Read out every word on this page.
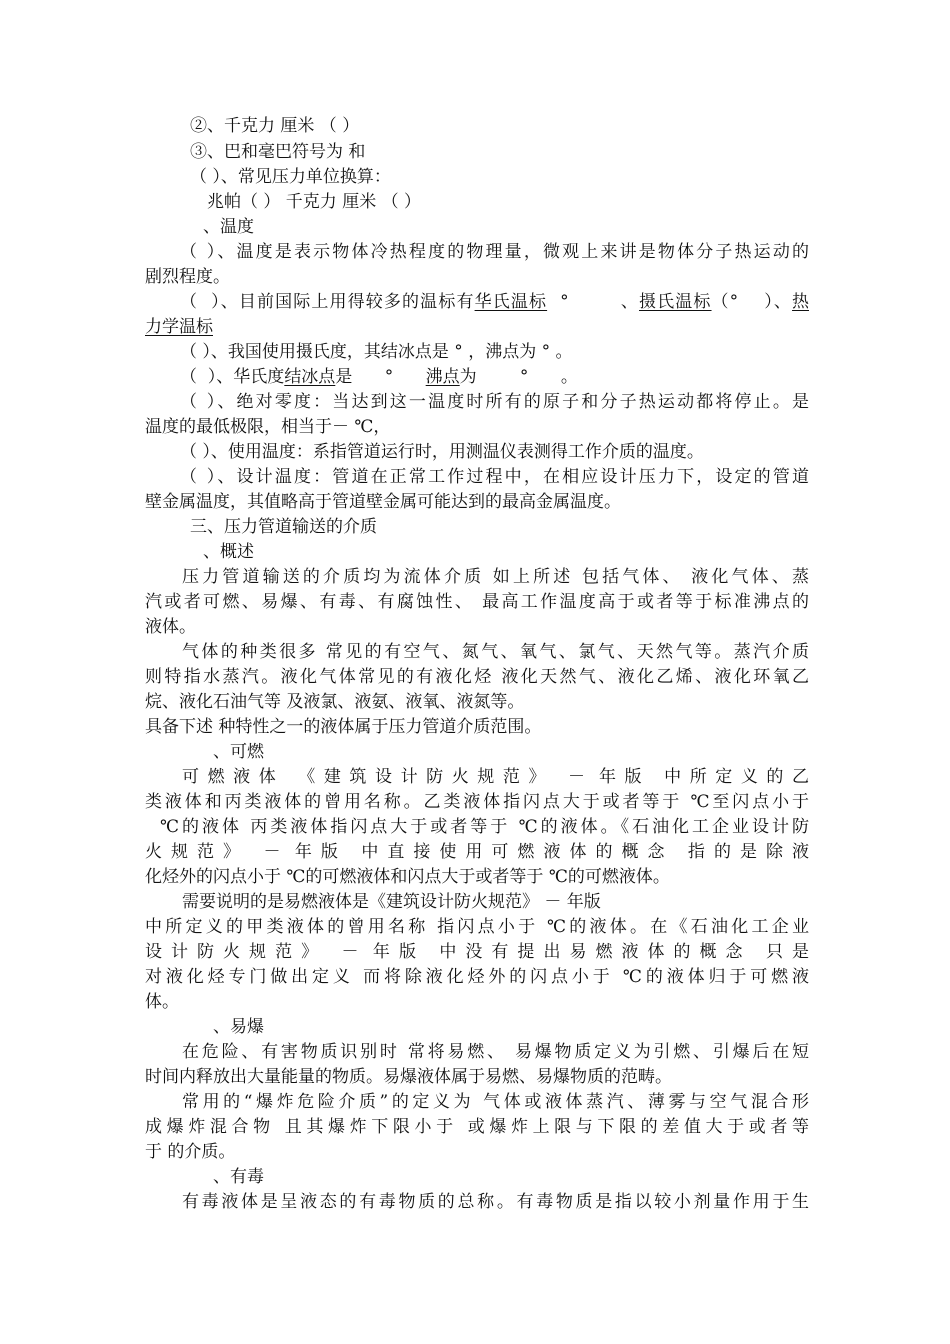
②、千克力 厘米 （ ）
③、巴和毫巴符号为 和
（ ）、常见压力单位换算：
兆帕（ ） 千克力 厘米 （ ）
、温度
（ ）、温度是表示物体冷热程度的物理量，微观上来讲是物体分子热运动的
剧烈程度。
（  ）、目前国际上用得较多的温标有华氏温标  °        、摄氏温标（°    ）、热
力学温标
（ ）、我国使用摄氏度，其结冰点是 ° ，沸点为 ° 。
（  ）、华氏度结冰点是      °      沸点为        °      。
（ ）、绝对零度：当达到这一温度时所有的原子和分子热运动都将停止。是
温度的最低极限，相当于－ ℃，
（ ）、使用温度：系指管道运行时，用测温仪表测得工作介质的温度。
（ ）、设计温度：管道在正常工作过程中，在相应设计压力下，设定的管道
壁金属温度，其值略高于管道壁金属可能达到的最高金属温度。
三、压力管道输送的介质
、概述
压力管道输送的介质均为流体介质 如上所述 包括气体、 液化气体、蒸
汽或者可燃、易爆、有毒、有腐蚀性、 最高工作温度高于或者等于标准沸点的
液体。
气体的种类很多 常见的有空气、氮气、氧气、氯气、天然气等。蒸汽介质
则特指水蒸汽。液化气体常见的有液化烃 液化天然气、液化乙烯、液化环氧乙
烷、液化石油气等 及液氯、液氨、液氧、液氮等。
具备下述 种特性之一的液体属于压力管道介质范围。
、可燃
可燃液体 《建筑设计防火规范》 － 年版 中所定义的乙
类液体和丙类液体的曾用名称。乙类液体指闪点大于或者等于 ℃至闪点小于
℃的液体 丙类液体指闪点大于或者等于 ℃的液体。《石油化工企业设计防
火规范》 － 年版 中直接使用可燃液体的概念 指的是除液
化烃外的闪点小于 ℃的可燃液体和闪点大于或者等于 ℃的可燃液体。
需要说明的是易燃液体是《建筑设计防火规范》 － 年版
中所定义的甲类液体的曾用名称 指闪点小于 ℃的液体。在《石油化工企业
设计防火规范》 － 年版 中没有提出易燃液体的概念 只是
对液化烃专门做出定义 而将除液化烃外的闪点小于 ℃的液体归于可燃液
体。
、易爆
在危险、有害物质识别时 常将易燃、 易爆物质定义为引燃、引爆后在短
时间内释放出大量能量的物质。易爆液体属于易燃、易爆物质的范畴。
常用的“爆炸危险介质”的定义为 气体或液体蒸汽、薄雾与空气混合形
成爆炸混合物 且其爆炸下限小于 或爆炸上限与下限的差值大于或者等
于 的介质。
、有毒
有毒液体是呈液态的有毒物质的总称。有毒物质是指以较小剂量作用于生
